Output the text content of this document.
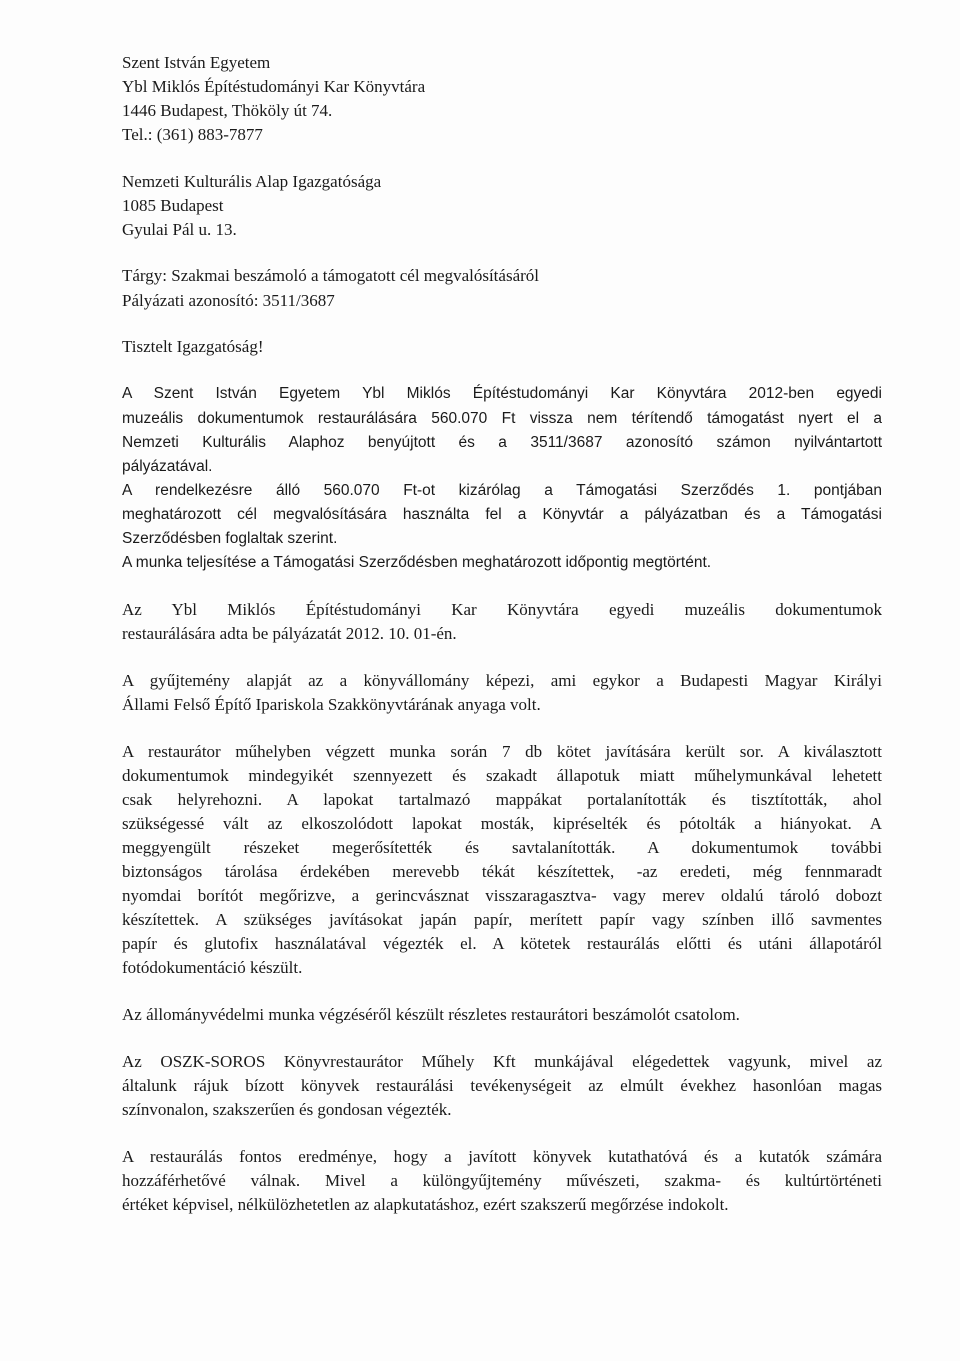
Szent István Egyetem
Ybl Miklós Építéstudományi Kar Könyvtára
1446 Budapest, Thököly út 74.
Tel.: (361) 883-7877
Nemzeti Kulturális Alap Igazgatósága
1085 Budapest
Gyulai Pál u. 13.
Tárgy: Szakmai beszámoló a támogatott cél megvalósításáról
Pályázati azonosító: 3511/3687
Tisztelt Igazgatóság!
A Szent István Egyetem Ybl Miklós Építéstudományi Kar Könyvtára 2012-ben egyedi
muzeális dokumentumok restaurálására 560.070 Ft vissza nem térítendő támogatást nyert el a
Nemzeti Kulturális Alaphoz benyújtott és a 3511/3687 azonosító számon nyilvántartott
pályázatával.
A rendelkezésre álló 560.070 Ft-ot kizárólag a Támogatási Szerződés 1. pontjában
meghatározott cél megvalósítására használta fel a Könyvtár a pályázatban és a Támogatási
Szerződésben foglaltak szerint.
A munka teljesítése a Támogatási Szerződésben meghatározott időpontig megtörtént.
Az Ybl Miklós Építéstudományi Kar Könyvtára egyedi muzeális dokumentumok
restaurálására adta be pályázatát 2012. 10. 01-én.
A gyűjtemény alapját az a könyvállomány képezi, ami egykor a Budapesti Magyar Királyi
Állami Felső Építő Ipariskola Szakkönyvtárának anyaga volt.
A restaurátor műhelyben végzett munka során 7 db kötet javítására került sor. A kiválasztott
dokumentumok mindegyikét szennyezett és szakadt állapotuk miatt műhelymunkával lehetett
csak helyrehozni. A lapokat tartalmazó mappákat portalanították és tisztították, ahol
szükségessé vált az elkoszolódott lapokat mosták, kipréselték és pótolták a hiányokat. A
meggyengült részeket megerősítették és savtalanították. A dokumentumok további
biztonságos tárolása érdekében merevebb tékát készítettek, -az eredeti, még fennmaradt
nyomdai borítót megőrizve, a gerincvásznat visszaragasztva- vagy merev oldalú tároló dobozt
készítettek. A szükséges javításokat japán papír, merített papír vagy színben illő savmentes
papír és glutofix használatával végezték el. A kötetek restaurálás előtti és utáni állapotáról
fotódokumentáció készült.
Az állományvédelmi munka végzéséről készült részletes restaurátori beszámolót csatolom.
Az OSZK-SOROS Könyvrestaurátor Műhely Kft munkájával elégedettek vagyunk, mivel az
általunk rájuk bízott könyvek restaurálási tevékenységeit az elmúlt évekhez hasonlóan magas
színvonalon, szakszerűen és gondosan végezték.
A restaurálás fontos eredménye, hogy a javított könyvek kutathatóvá és a kutatók számára
hozzáférhetővé válnak. Mivel a különgyűjtemény művészeti, szakma- és kultúrtörténeti
értéket képvisel, nélkülözhetetlen az alapkutatáshoz, ezért szakszerű megőrzése indokolt.
